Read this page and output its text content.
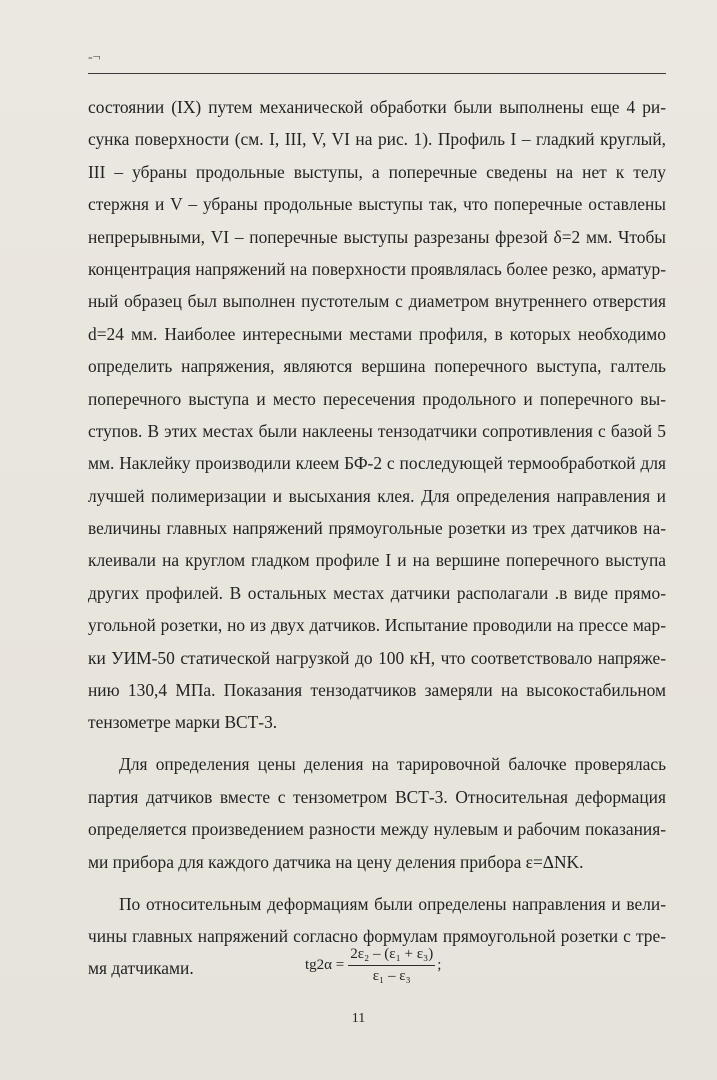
-¬
состоянии (IX) путем механической обработки были выполнены еще 4 ри-
сунка поверхности (см. I, III, V, VI на рис. 1). Профиль I – гладкий круглый,
III – убраны продольные выступы, а поперечные сведены на нет к телу
стержня и V – убраны продольные выступы так, что поперечные оставлены
непрерывными, VI – поперечные выступы разрезаны фрезой δ=2 мм. Чтобы
концентрация напряжений на поверхности проявлялась более резко, арматур-
ный образец был выполнен пустотелым с диаметром внутреннего отверстия
d=24 мм. Наиболее интересными местами профиля, в которых необходимо
определить напряжения, являются вершина поперечного выступа, галтель
поперечного выступа и место пересечения продольного и поперечного вы-
ступов. В этих местах были наклеены тензодатчики сопротивления с базой 5
мм. Наклейку производили клеем БФ-2 с последующей термообработкой для
лучшей полимеризации и высыхания клея. Для определения направления и
величины главных напряжений прямоугольные розетки из трех датчиков на-
клеивали на круглом гладком профиле I и на вершине поперечного выступа
других профилей. В остальных местах датчики располагали .в виде прямо-
угольной розетки, но из двух датчиков. Испытание проводили на прессе мар-
ки УИМ-50 статической нагрузкой до 100 кН, что соответствовало напряже-
нию 130,4 МПа. Показания тензодатчиков замеряли на высокостабильном
тензометре марки ВСТ-3.
Для определения цены деления на тарировочной балочке проверялась
партия датчиков вместе с тензометром ВСТ-3. Относительная деформация
определяется произведением разности между нулевым и рабочим показания-
ми прибора для каждого датчика на цену деления прибора ε=ΔNK.
По относительным деформациям были определены направления и вели-
чины главных напряжений согласно формулам прямоугольной розетки с тре-
мя датчиками.	$tg2\alpha = \frac{\text{2ε₂ – (ε₁ + ε₃)}}{\text{ε₁ – ε₃}}$ ;
11
